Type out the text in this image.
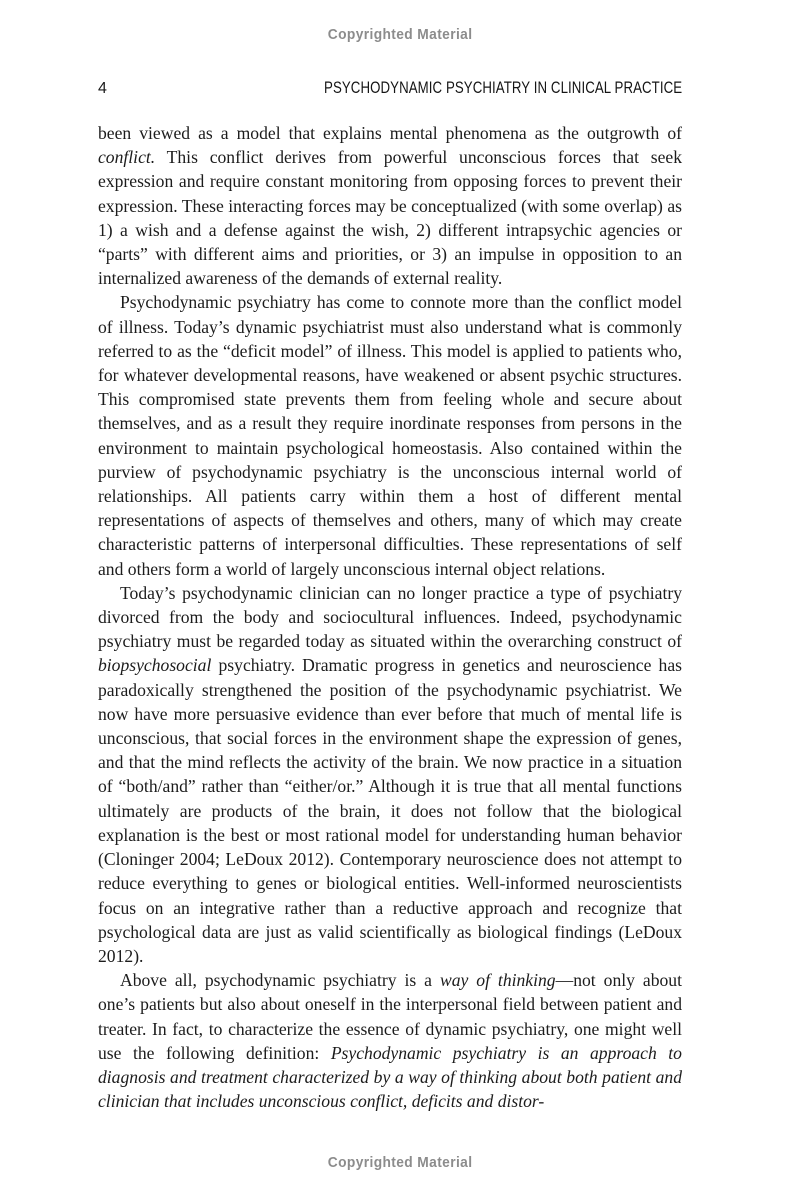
Copyrighted Material
4	PSYCHODYNAMIC PSYCHIATRY IN CLINICAL PRACTICE

been viewed as a model that explains mental phenomena as the outgrowth of conflict. This conflict derives from powerful unconscious forces that seek expression and require constant monitoring from opposing forces to prevent their expression. These interacting forces may be conceptualized (with some overlap) as 1) a wish and a defense against the wish, 2) different intrapsychic agencies or “parts” with different aims and priorities, or 3) an impulse in opposition to an internalized awareness of the demands of external reality.

Psychodynamic psychiatry has come to connote more than the conflict model of illness. Today’s dynamic psychiatrist must also understand what is commonly referred to as the “deficit model” of illness. This model is applied to patients who, for whatever developmental reasons, have weakened or absent psychic structures. This compromised state prevents them from feeling whole and secure about themselves, and as a result they require inordinate responses from persons in the environment to maintain psychological homeostasis. Also contained within the purview of psychodynamic psychiatry is the unconscious internal world of relationships. All patients carry within them a host of different mental representations of aspects of themselves and others, many of which may create characteristic patterns of interpersonal difficulties. These representations of self and others form a world of largely unconscious internal object relations.

Today’s psychodynamic clinician can no longer practice a type of psychiatry divorced from the body and sociocultural influences. Indeed, psychodynamic psychiatry must be regarded today as situated within the overarching construct of biopsychosocial psychiatry. Dramatic progress in genetics and neuroscience has paradoxically strengthened the position of the psychodynamic psychiatrist. We now have more persuasive evidence than ever before that much of mental life is unconscious, that social forces in the environment shape the expression of genes, and that the mind reflects the activity of the brain. We now practice in a situation of “both/and” rather than “either/or.” Although it is true that all mental functions ultimately are products of the brain, it does not follow that the biological explanation is the best or most rational model for understanding human behavior (Cloninger 2004; LeDoux 2012). Contemporary neuroscience does not attempt to reduce everything to genes or biological entities. Well-informed neuroscientists focus on an integrative rather than a reductive approach and recognize that psychological data are just as valid scientifically as biological findings (LeDoux 2012).

Above all, psychodynamic psychiatry is a way of thinking—not only about one’s patients but also about oneself in the interpersonal field between patient and treater. In fact, to characterize the essence of dynamic psychiatry, one might well use the following definition: Psychodynamic psychiatry is an approach to diagnosis and treatment characterized by a way of thinking about both patient and clinician that includes unconscious conflict, deficits and distor-

Copyrighted Material
